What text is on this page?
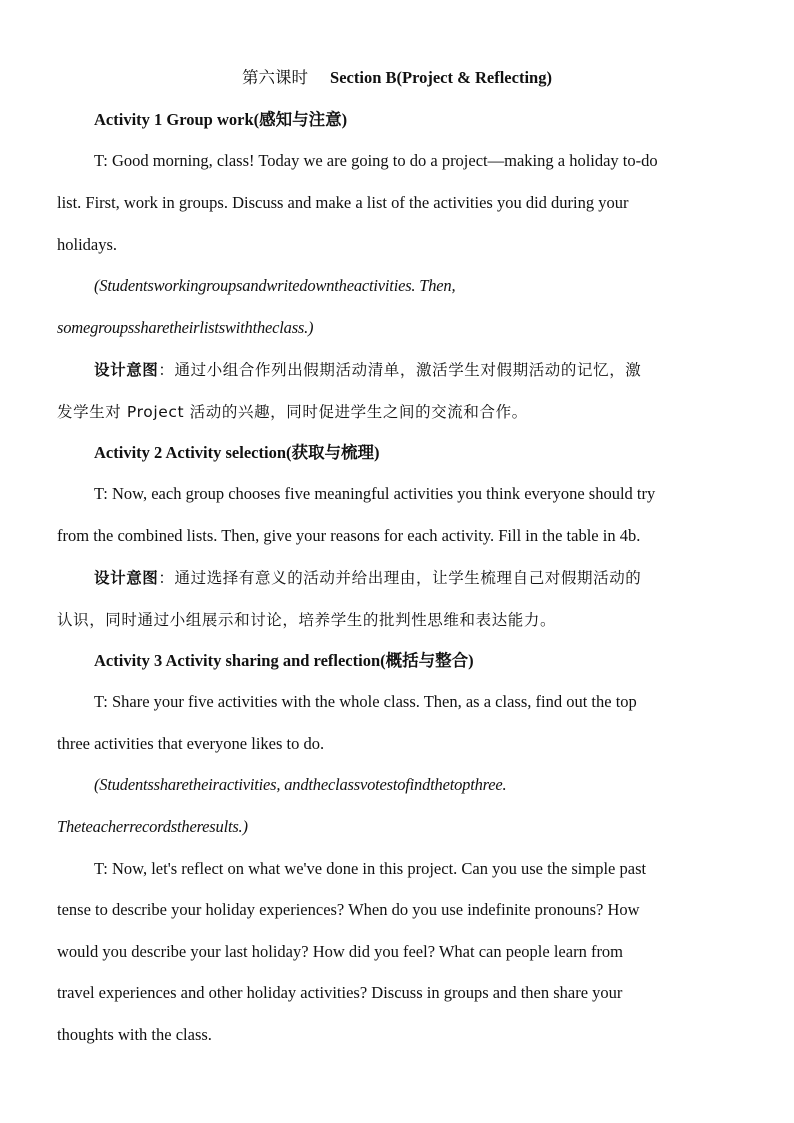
第六课时 Section B(Project & Reflecting)
Activity 1 Group work(感知与注意)
T: Good morning, class! Today we are going to do a project—making a holiday to-do
list. First, work in groups. Discuss and make a list of the activities you did during your
holidays.
(Studentsworkingroupsandwritedowntheactivities. Then,
somegroupssharetheirlistswiththeclass.)
设计意图：通过小组合作列出假期活动清单，激活学生对假期活动的记忆，激
发学生对 Project 活动的兴趣，同时促进学生之间的交流和合作。
Activity 2 Activity selection(获取与梳理)
T: Now, each group chooses five meaningful activities you think everyone should try
from the combined lists. Then, give your reasons for each activity. Fill in the table in 4b.
设计意图：通过选择有意义的活动并给出理由，让学生梳理自己对假期活动的
认识，同时通过小组展示和讨论，培养学生的批判性思维和表达能力。
Activity 3 Activity sharing and reflection(概括与整合)
T: Share your five activities with the whole class. Then, as a class, find out the top
three activities that everyone likes to do.
(Studentssharetheiractivities, andtheclassvotestofindthetopthree.
Theteacherrecordstheresults.)
T: Now, let's reflect on what we've done in this project. Can you use the simple past
tense to describe your holiday experiences? When do you use indefinite pronouns? How
would you describe your last holiday? How did you feel? What can people learn from
travel experiences and other holiday activities? Discuss in groups and then share your
thoughts with the class.
